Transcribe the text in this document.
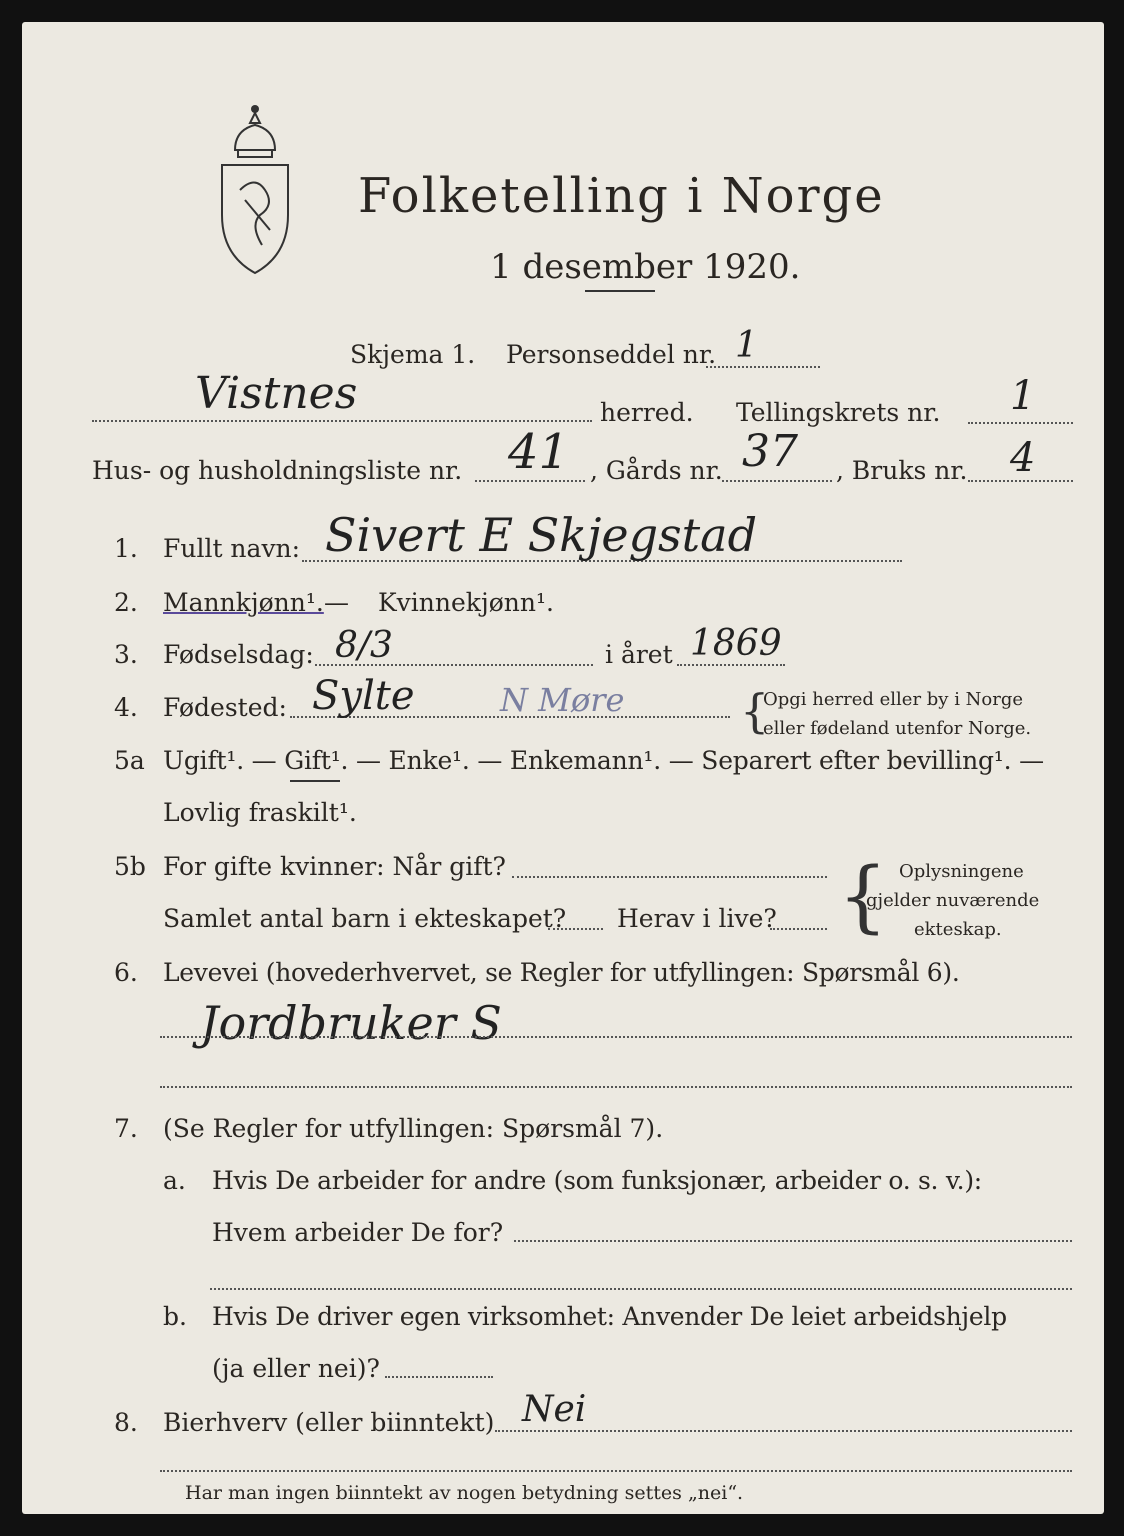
Folketelling i Norge
1 desember 1920.
Skjema 1. Personseddel nr. 1
Vistnes	herred. Tellingskrets nr. 1
Hus- og husholdningsliste nr. 41 , Gårds nr. 37 , Bruks nr. 4
1. Fullt navn: Sivert E Skjegstad
2. Mannkjønn¹. — Kvinnekjønn¹.
3. Fødselsdag: 8/3	i året 1869
4. Fødested: Sylte	N Møre	{
Opgi herred eller by i Norge
eller fødeland utenfor Norge.
5a Ugift¹. — Gift¹. — Enke¹. — Enkemann¹. — Separert efter bevilling¹. —
Lovlig fraskilt¹.
5b For gifte kvinner: Når gift?
Samlet antal barn i ekteskapet? Herav i live? { Oplysningene
gjelder nuværende
ekteskap.
6. Levevei (hovederhvervet, se Regler for utfyllingen: Spørsmål 6).
Jordbruker S
7. (Se Regler for utfyllingen: Spørsmål 7).
a. Hvis De arbeider for andre (som funksjonær, arbeider o. s. v.):
Hvem arbeider De for?
b. Hvis De driver egen virksomhet: Anvender De leiet arbeidshjelp
(ja eller nei)?
8. Bierhverv (eller biinntekt) Nei
Har man ingen biinntekt av nogen betydning settes „nei“.
